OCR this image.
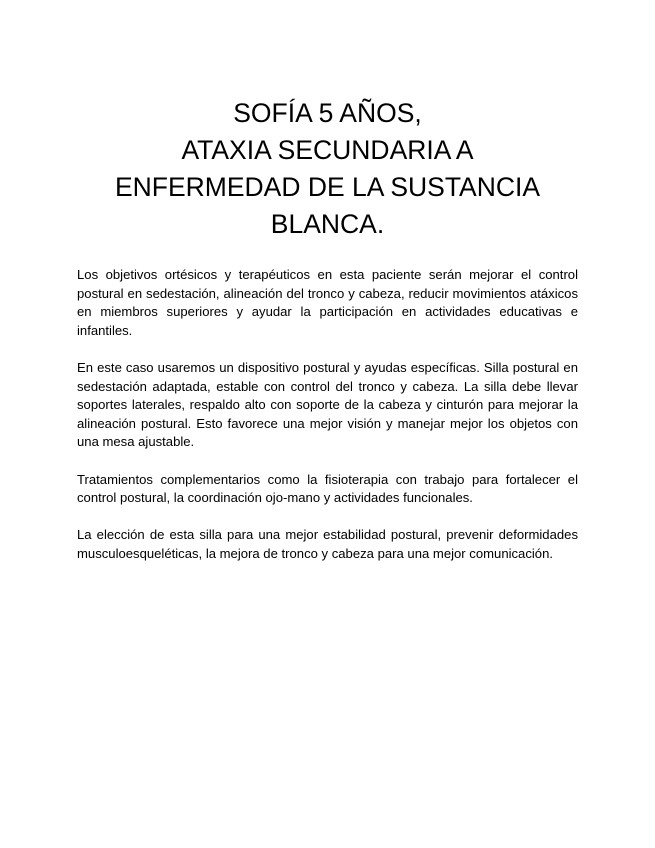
SOFÍA 5 AÑOS,
ATAXIA SECUNDARIA A
ENFERMEDAD DE LA SUSTANCIA
BLANCA.

Los objetivos ortésicos y terapéuticos en esta paciente serán mejorar el control postural en sedestación, alineación del tronco y cabeza, reducir movimientos atáxicos en miembros superiores y ayudar la participación en actividades educativas e infantiles.

En este caso usaremos un dispositivo postural y ayudas específicas. Silla postural en sedestación adaptada, estable con control del tronco y cabeza. La silla debe llevar soportes laterales, respaldo alto con soporte de la cabeza y cinturón para mejorar la alineación postural. Esto favorece una mejor visión y manejar mejor los objetos con una mesa ajustable.

Tratamientos complementarios como la fisioterapia con trabajo para fortalecer el control postural, la coordinación ojo-mano y actividades funcionales.

La elección de esta silla para una mejor estabilidad postural, prevenir deformidades musculoesqueléticas, la mejora de tronco y cabeza para una mejor comunicación.
